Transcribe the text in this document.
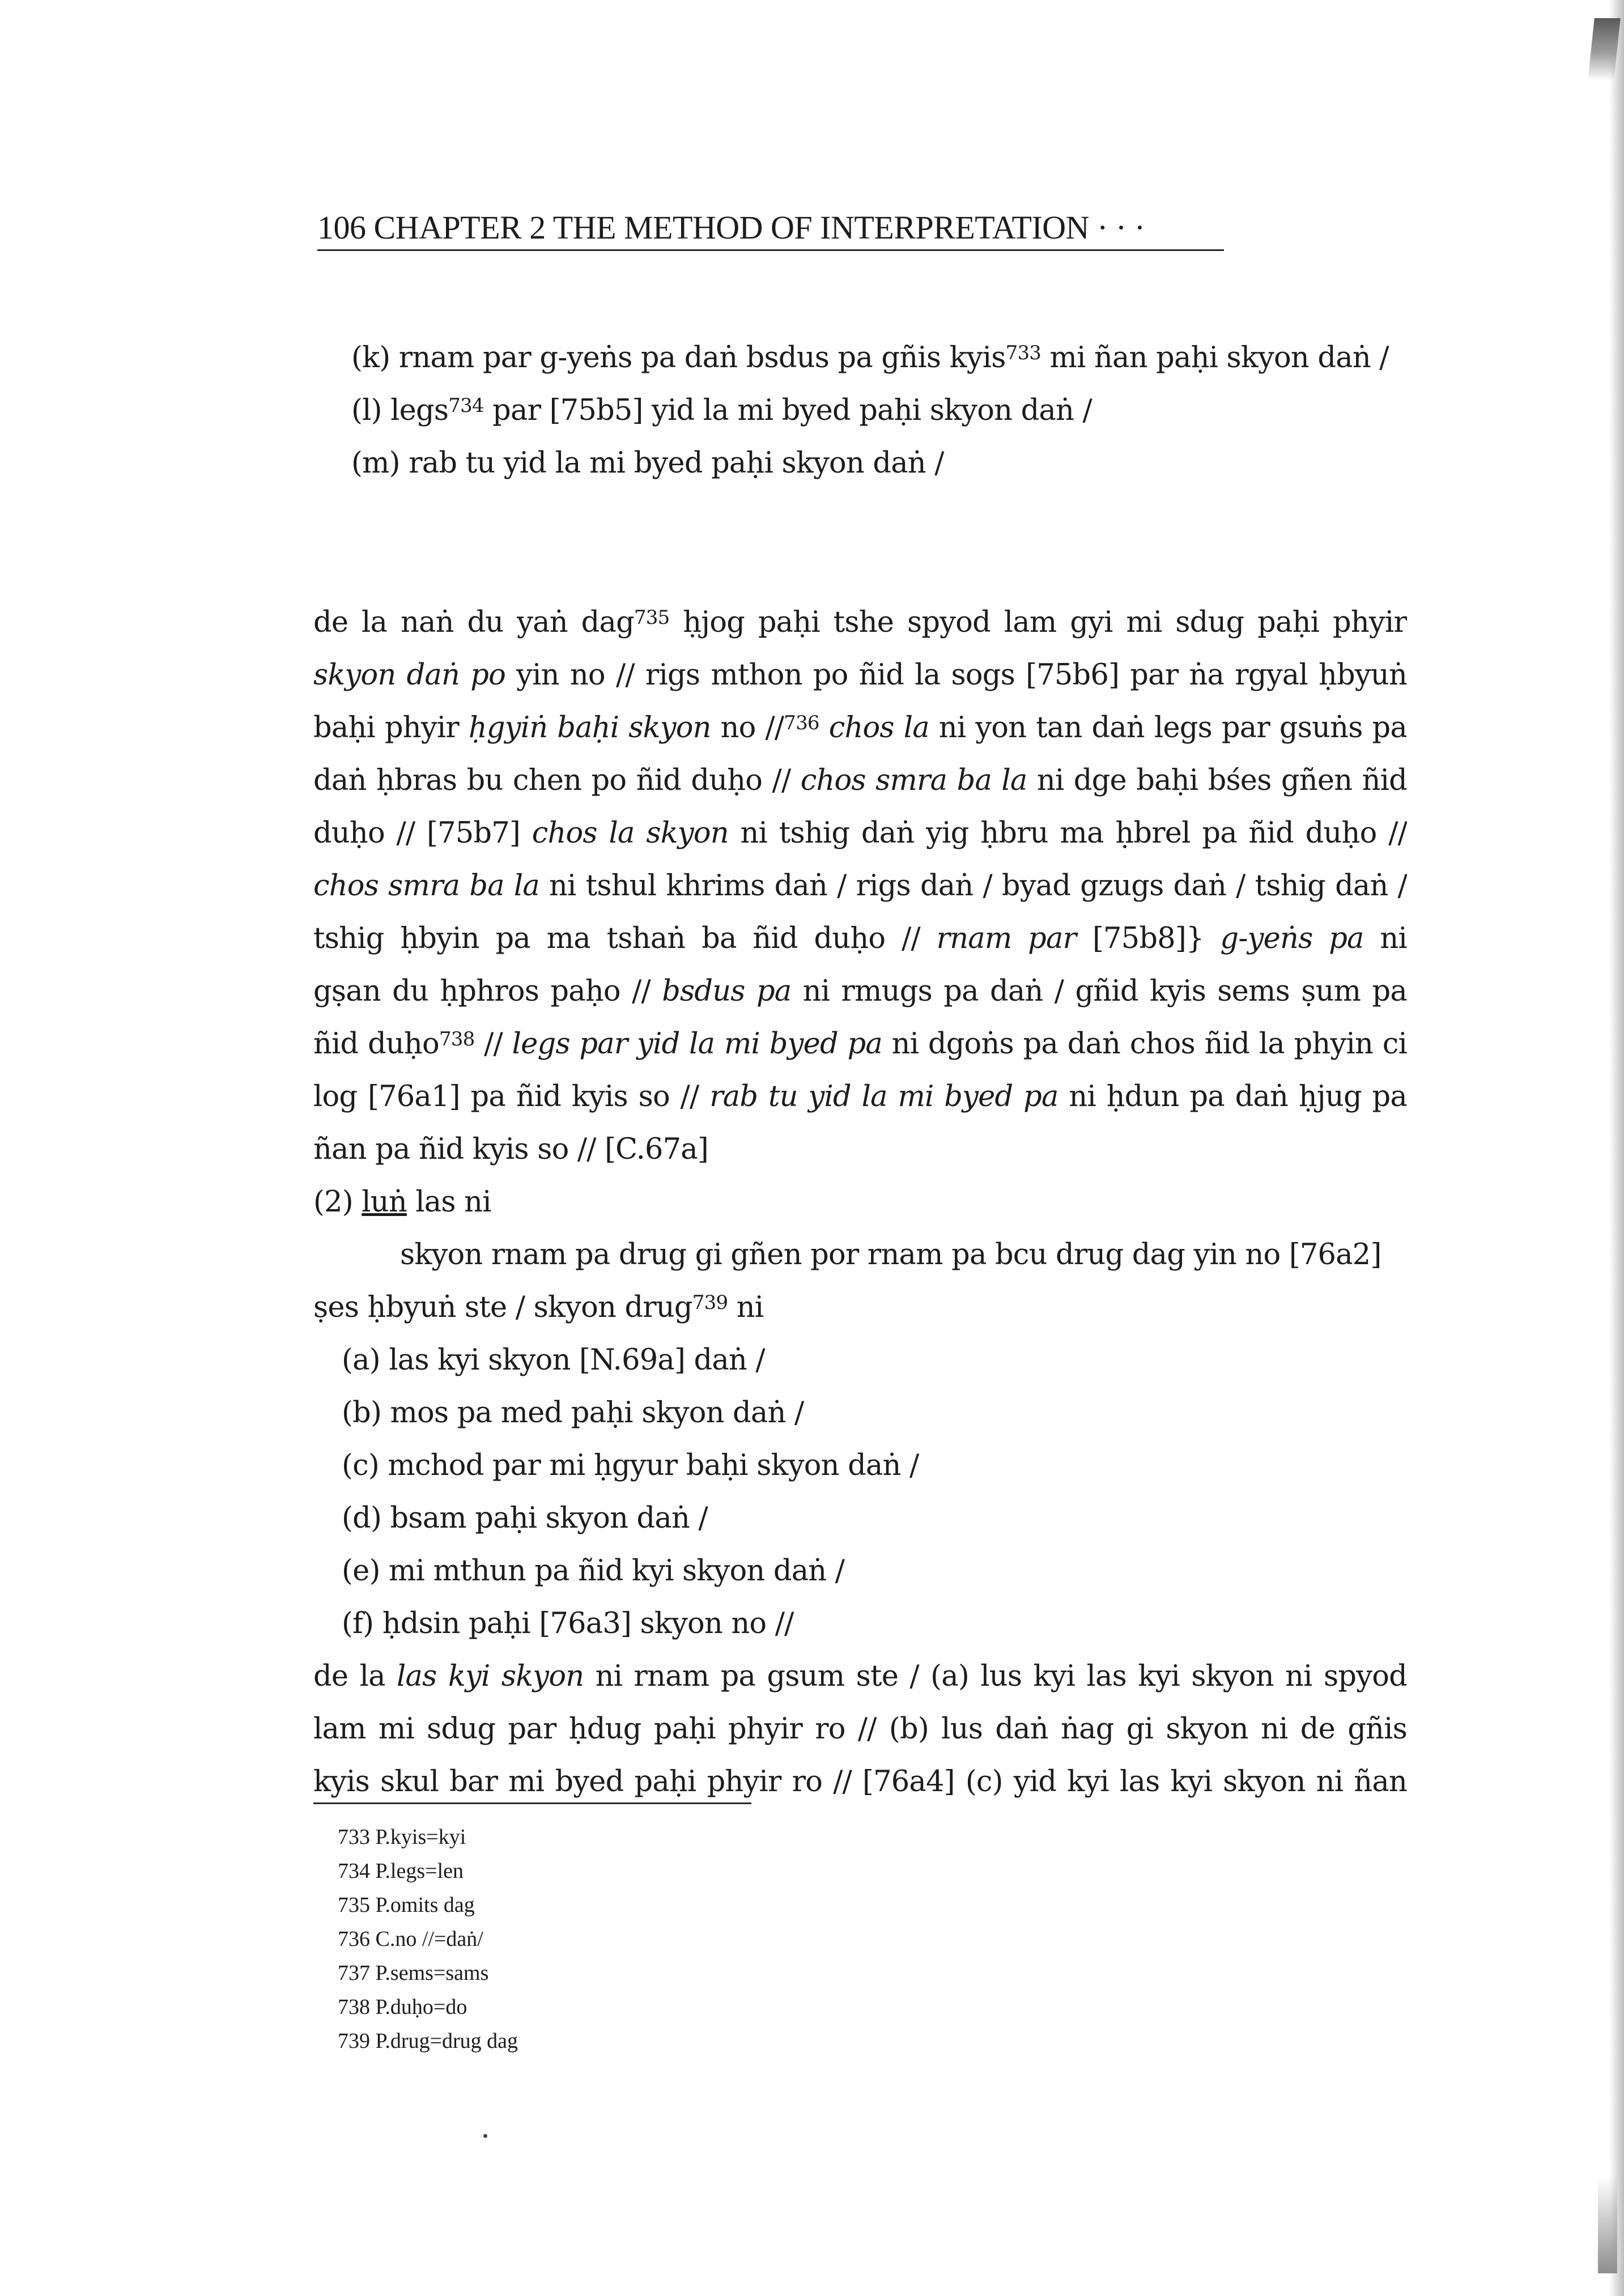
106 CHAPTER 2 THE METHOD OF INTERPRETATION · · ·
(k) rnam par g-yeṅs pa daṅ bsdus pa gñis kyis$^{733}$ mi ñan paḥi skyon daṅ /
(l) legs$^{734}$ par [75b5] yid la mi byed paḥi skyon daṅ /
(m) rab tu yid la mi byed paḥi skyon daṅ /
de la naṅ du yaṅ dag$^{735}$ ḥjog paḥi tshe spyod lam gyi mi sdug paḥi phyir
skyon daṅ po yin no // rigs mthon po ñid la sogs [75b6] par ṅa rgyal ḥbyuṅ
baḥi phyir ḥgyiṅ baḥi skyon no //$^{736}$ chos la ni yon tan daṅ legs par gsuṅs pa
daṅ ḥbras bu chen po ñid duḥo // chos smra ba la ni dge baḥi bśes gñen ñid
duḥo // [75b7] chos la skyon ni tshig daṅ yig ḥbru ma ḥbrel pa ñid duḥo //
chos smra ba la ni tshul khrims daṅ / rigs daṅ / byad gzugs daṅ / tshig daṅ /
tshig ḥbyin pa ma tshaṅ ba ñid duḥo // rnam par [75b8]} g-yeṅs pa ni
gṣan du ḥphros paḥo // bsdus pa ni rmugs pa daṅ / gñid kyis sems ṣum pa
ñid duḥo$^{738}$ // legs par yid la mi byed pa ni dgoṅs pa daṅ chos ñid la phyin ci
log [76a1] pa ñid kyis so // rab tu yid la mi byed pa ni ḥdun pa daṅ ḥjug pa
ñan pa ñid kyis so // [C.67a]
(2) luṅ las ni
skyon rnam pa drug gi gñen por rnam pa bcu drug dag yin no [76a2]
ṣes ḥbyuṅ ste / skyon drug$^{739}$ ni
(a) las kyi skyon [N.69a] daṅ /
(b) mos pa med paḥi skyon daṅ /
(c) mchod par mi ḥgyur baḥi skyon daṅ /
(d) bsam paḥi skyon daṅ /
(e) mi mthun pa ñid kyi skyon daṅ /
(f) ḥdsin paḥi [76a3] skyon no //
de la las kyi skyon ni rnam pa gsum ste / (a) lus kyi las kyi skyon ni spyod
lam mi sdug par ḥdug paḥi phyir ro // (b) lus daṅ ṅag gi skyon ni de gñis
kyis skul bar mi byed paḥi phyir ro // [76a4] (c) yid kyi las kyi skyon ni ñan
733 P.kyis=kyi
734 P.legs=len
735 P.omits dag
736 C.no //=daṅ/
737 P.sems=sams
738 P.duḥo=do
739 P.drug=drug dag
